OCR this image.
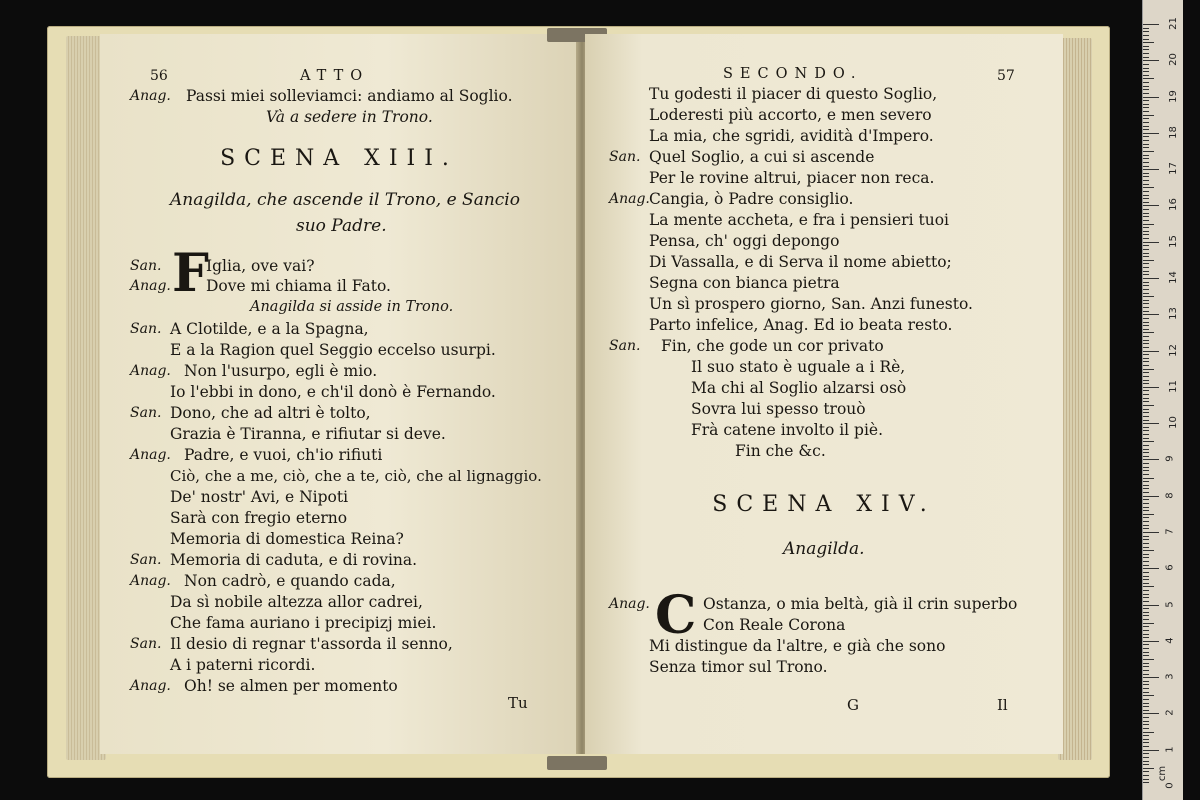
56	ATTO
Anag. Passi miei solleviamci: andiamo al Soglio.
Và a sedere in Trono.
SCENA XIII.
Anagilda, che ascende il Trono, e Sancio
suo Padre.
F
San.	Iglia, ove vai?
Anag. Dove mi chiama il Fato.
Anagilda si asside in Trono.
San. A Clotilde, e a la Spagna,
E a la Ragion quel Seggio eccelso usurpi.
Anag. Non l'usurpo, egli è mio.
Io l'ebbi in dono, e ch'il donò è Fernando.
San. Dono, che ad altri è tolto,
Grazia è Tiranna, e rifiutar si deve.
Anag. Padre, e vuoi, ch'io rifiuti
Ciò, che a me, ciò, che a te, ciò, che al lignaggio.
De' nostr' Avi, e Nipoti
Sarà con fregio eterno
Memoria di domestica Reina?
San. Memoria di caduta, e di rovina.
Anag. Non cadrò, e quando cada,
Da sì nobile altezza allor cadrei,
Che fama auriano i precipizj miei.
San. Il desio di regnar t'assorda il senno,
A i paterni ricordi.
Anag. Oh! se almen per momento
Tu
SECONDO.	57
Tu godesti il piacer di questo Soglio,
Loderesti più accorto, e men severo
La mia, che sgridi, avidità d'Impero.
San. Quel Soglio, a cui si ascende
Per le rovine altrui, piacer non reca.
Anag. Cangia, ò Padre consiglio.
La mente accheta, e fra i pensieri tuoi
Pensa, ch' oggi depongo
Di Vassalla, e di Serva il nome abietto;
Segna con bianca pietra
Un sì prospero giorno, San. Anzi funesto.
Parto infelice, Anag. Ed io beata resto.
San. Fin, che gode un cor privato
Il suo stato è uguale a i Rè,
Ma chi al Soglio alzarsi osò
Sovra lui spesso trouò
Frà catene involto il piè.
Fin che &c.
SCENA XIV.
Anagilda.
C
Anag.	Ostanza, o mia beltà, già il crin superbo
Con Reale Corona
Mi distingue da l'altre, e già che sono
Senza timor sul Trono.
G	Il
21
20
19
18
17
16
15
14
13
12
11
10
9
8
7
6
5
4
3
2
1
0
cm
